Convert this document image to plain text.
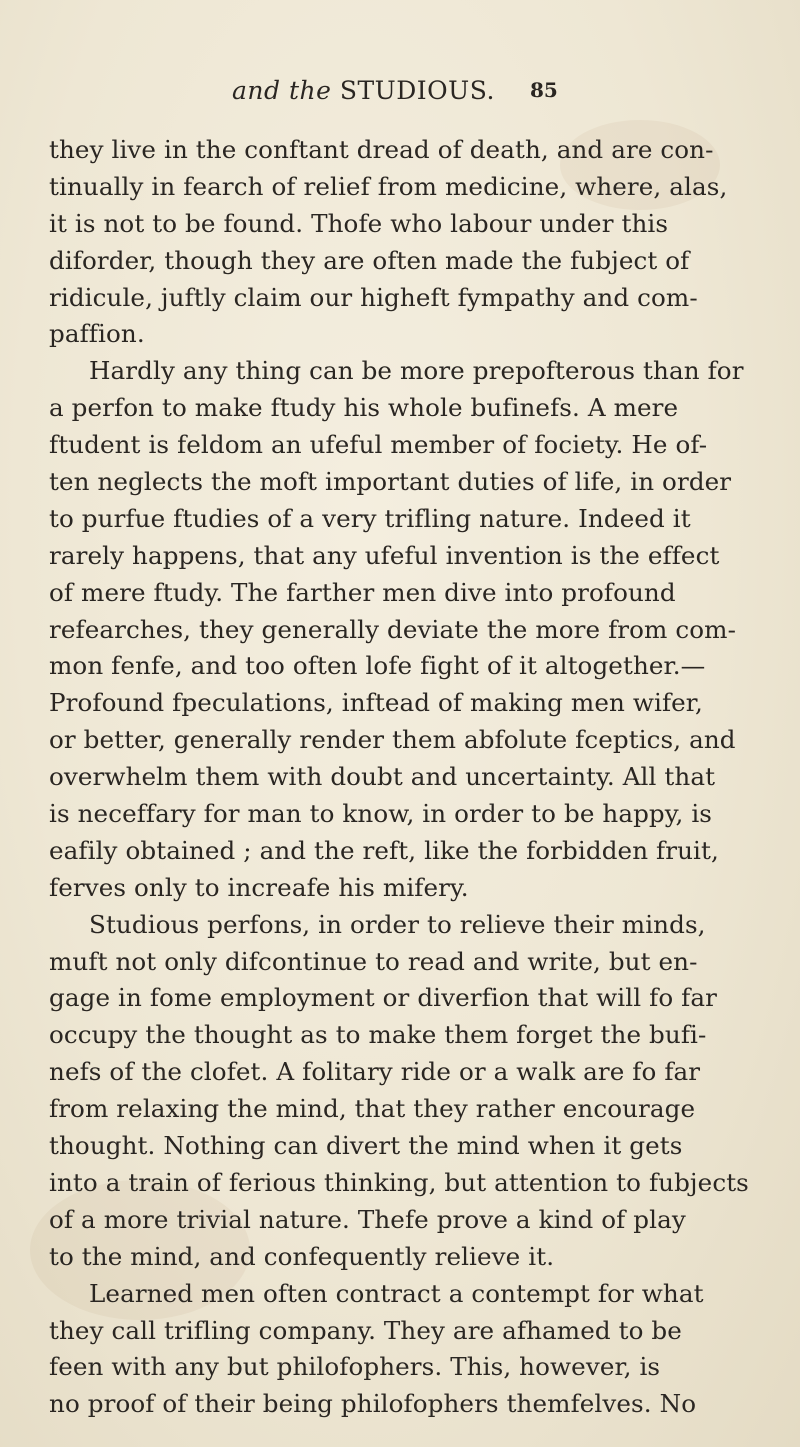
and the STUDIOUS. 85
they live in the conftant dread of death, and are con-
tinually in fearch of relief from medicine, where, alas,
it is not to be found. Thofe who labour under this
diforder, though they are often made the fubject of
ridicule, juftly claim our higheft fympathy and com-
paffion.
Hardly any thing can be more prepofterous than for
a perfon to make ftudy his whole bufinefs. A mere
ftudent is feldom an ufeful member of fociety. He of-
ten neglects the moft important duties of life, in order
to purfue ftudies of a very trifling nature. Indeed it
rarely happens, that any ufeful invention is the effect
of mere ftudy. The farther men dive into profound
refearches, they generally deviate the more from com-
mon fenfe, and too often lofe fight of it altogether.—
Profound fpeculations, inftead of making men wifer,
or better, generally render them abfolute fceptics, and
overwhelm them with doubt and uncertainty. All that
is neceffary for man to know, in order to be happy, is
eafily obtained ; and the reft, like the forbidden fruit,
ferves only to increafe his mifery.
Studious perfons, in order to relieve their minds,
muft not only difcontinue to read and write, but en-
gage in fome employment or diverfion that will fo far
occupy the thought as to make them forget the bufi-
nefs of the clofet. A folitary ride or a walk are fo far
from relaxing the mind, that they rather encourage
thought. Nothing can divert the mind when it gets
into a train of ferious thinking, but attention to fubjects
of a more trivial nature. Thefe prove a kind of play
to the mind, and confequently relieve it.
Learned men often contract a contempt for what
they call trifling company. They are afhamed to be
feen with any but philofophers. This, however, is
no proof of their being philofophers themfelves. No
